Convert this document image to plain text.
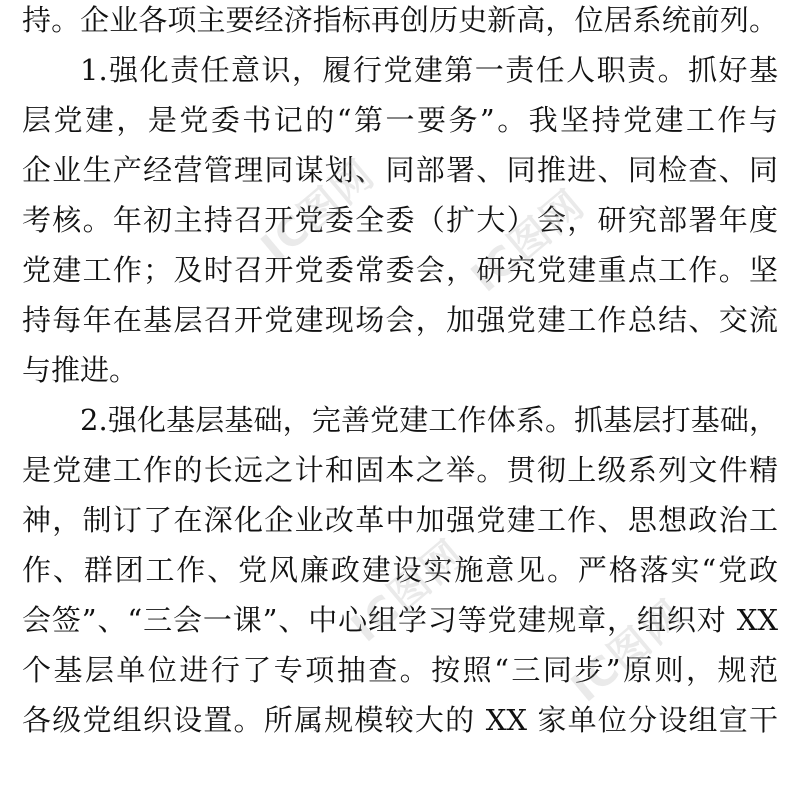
持。企业各项主要经济指标再创历史新高，位居系统前列。
1.强化责任意识，履行党建第一责任人职责。抓好基
层党建，是党委书记的“第一要务”。我坚持党建工作与
企业生产经营管理同谋划、同部署、同推进、同检查、同
考核。年初主持召开党委全委（扩大）会，研究部署年度
党建工作；及时召开党委常委会，研究党建重点工作。坚
持每年在基层召开党建现场会，加强党建工作总结、交流
与推进。
2.强化基层基础，完善党建工作体系。抓基层打基础，
是党建工作的长远之计和固本之举。贯彻上级系列文件精
神，制订了在深化企业改革中加强党建工作、思想政治工
作、群团工作、党风廉政建设实施意见。严格落实“党政
会签”、“三会一课”、中心组学习等党建规章，组织对 XX
个基层单位进行了专项抽查。按照“三同步”原则，规范
各级党组织设置。所属规模较大的 XX 家单位分设组宣干
IC图网 IC图网
IC图网 IC图网
